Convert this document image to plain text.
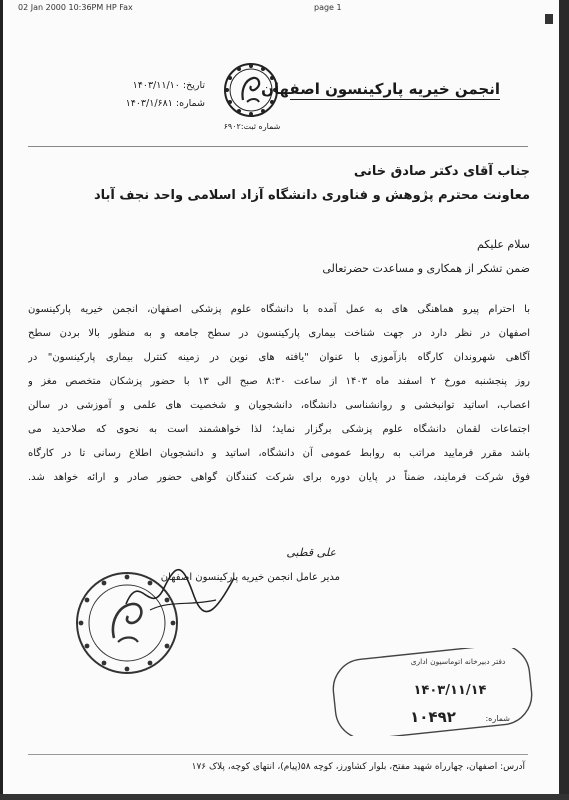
02 Jan 2000 10:36PM HP Fax	page 1
انجمن خیریه پارکینسون اصفهان
شماره ثبت:۶۹۰۲
تاریخ: ۱۴۰۳/۱۱/۱۰
شماره: ۱۴۰۳/۱/۶۸۱
جناب آقای دکتر صادق خانی
معاونت محترم پژوهش و فناوری دانشگاه آزاد اسلامی واحد نجف آباد
سلام علیکم
ضمن تشکر از همکاری و مساعدت حضرتعالی
با احترام پیرو هماهنگی های به عمل آمده با دانشگاه علوم پزشکی اصفهان، انجمن خیریه پارکینسون
اصفهان در نظر دارد در جهت شناخت بیماری پارکینسون در سطح جامعه و به منظور بالا بردن سطح
آگاهی شهروندان کارگاه بازآموزی با عنوان "یافته های نوین در زمینه کنترل بیماری پارکینسون" در
روز پنجشنبه مورخ ۲ اسفند ماه ۱۴۰۳ از ساعت ۸:۳۰ صبح الی ۱۳ با حضور پزشکان متخصص مغز و
اعصاب، اساتید توانبخشی و روانشناسی دانشگاه، دانشجویان و شخصیت های علمی و آموزشی در سالن
اجتماعات لقمان دانشگاه علوم پزشکی برگزار نماید؛ لذا خواهشمند است به نحوی که صلاحدید می
باشد مقرر فرمایید مراتب به روابط عمومی آن دانشگاه، اساتید و دانشجویان اطلاع رسانی تا در کارگاه
فوق شرکت فرمایند، ضمناً در پایان دوره برای شرکت کنندگان گواهی حضور صادر و ارائه خواهد شد.
علی قطبی
مدیر عامل انجمن خیریه پارکینسون اصفهان
دفتر دبیرخانه اتوماسیون اداری
۱۴۰۳/۱۱/۱۴
شماره:
۱۰۴۹۲
آدرس: اصفهان، چهارراه شهید مفتح، بلوار کشاورز، کوچه ۵۸(پیام)، انتهای کوچه، پلاک ۱۷۶
